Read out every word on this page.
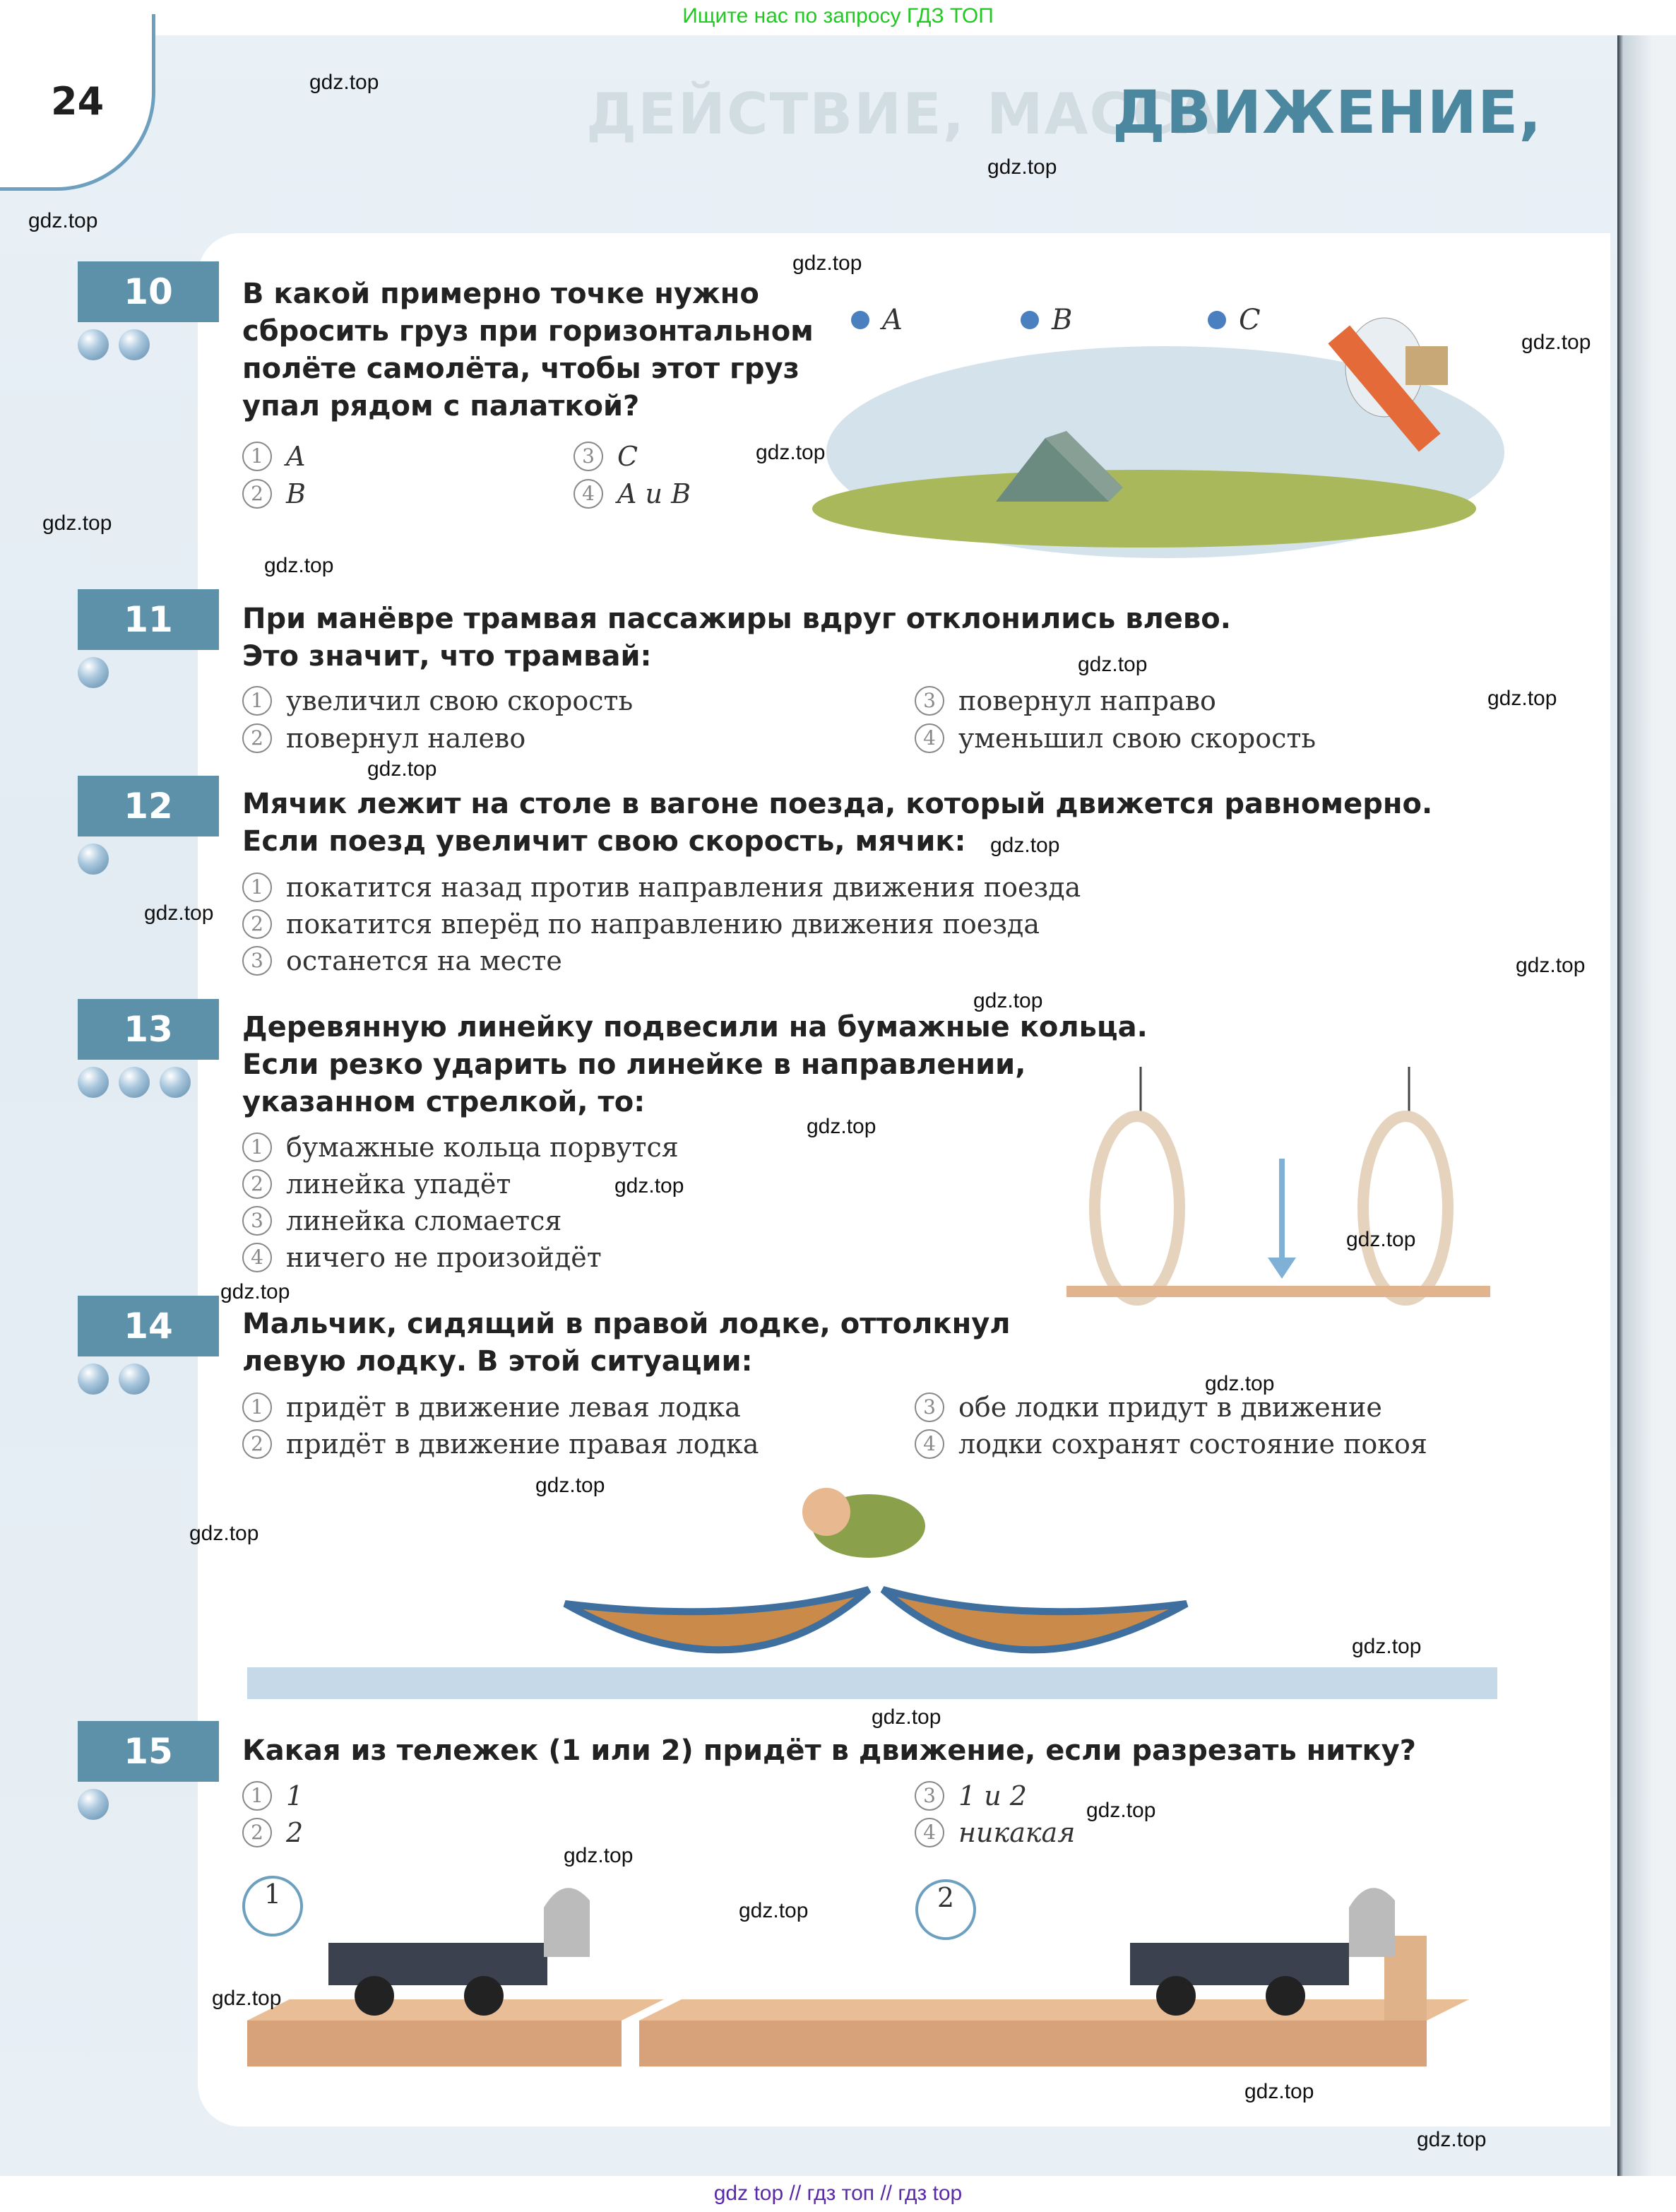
Ищите нас по запросу ГДЗ ТОП
24	ДЕЙСТВИЕ, МАССА
ДВИЖЕНИЕ,
A	B	C
1	2
10	В какой примерно точке нужно
сбросить груз при горизонтальном
полёте самолёта, чтобы этот груз
упал рядом с палаткой?
1 A
2 B
3 C
4 A и B
11	При манёвре трамвая пассажиры вдруг отклонились влево.
Это значит, что трамвай:
1 увеличил свою скорость
2 повернул налево
3 повернул направо
4 уменьшил свою скорость
12	Мячик лежит на столе в вагоне поезда, который движется равномерно.
Если поезд увеличит свою скорость, мячик:
1 покатится назад против направления движения поезда
2 покатится вперёд по направлению движения поезда
3 останется на месте
13	Деревянную линейку подвесили на бумажные кольца.
Если резко ударить по линейке в направлении,
указанном стрелкой, то:
1 бумажные кольца порвутся
2 линейка упадёт
3 линейка сломается
4 ничего не произойдёт
14	Мальчик, сидящий в правой лодке, оттолкнул
левую лодку. В этой ситуации:
1 придёт в движение левая лодка
2 придёт в движение правая лодка
3 обе лодки придут в движение
4 лодки сохранят состояние покоя
15	Какая из тележек (1 или 2) придёт в движение, если разрезать нитку?
1 1
2 2
3 1 и 2
4 никакая
gdz.top
gdz.top
gdz.top
gdz.top
gdz.top
gdz.top
gdz.top
gdz.top
gdz.top
gdz.top
gdz.top
gdz.top
gdz.top
gdz.top
gdz.top
gdz.top
gdz.top
gdz.top
gdz.top
gdz.top
gdz.top
gdz.top
gdz.top
gdz.top
gdz.top
gdz.top
gdz.top
gdz.top
gdz.top
gdz.top
gdz top // гдз топ // гдз top
